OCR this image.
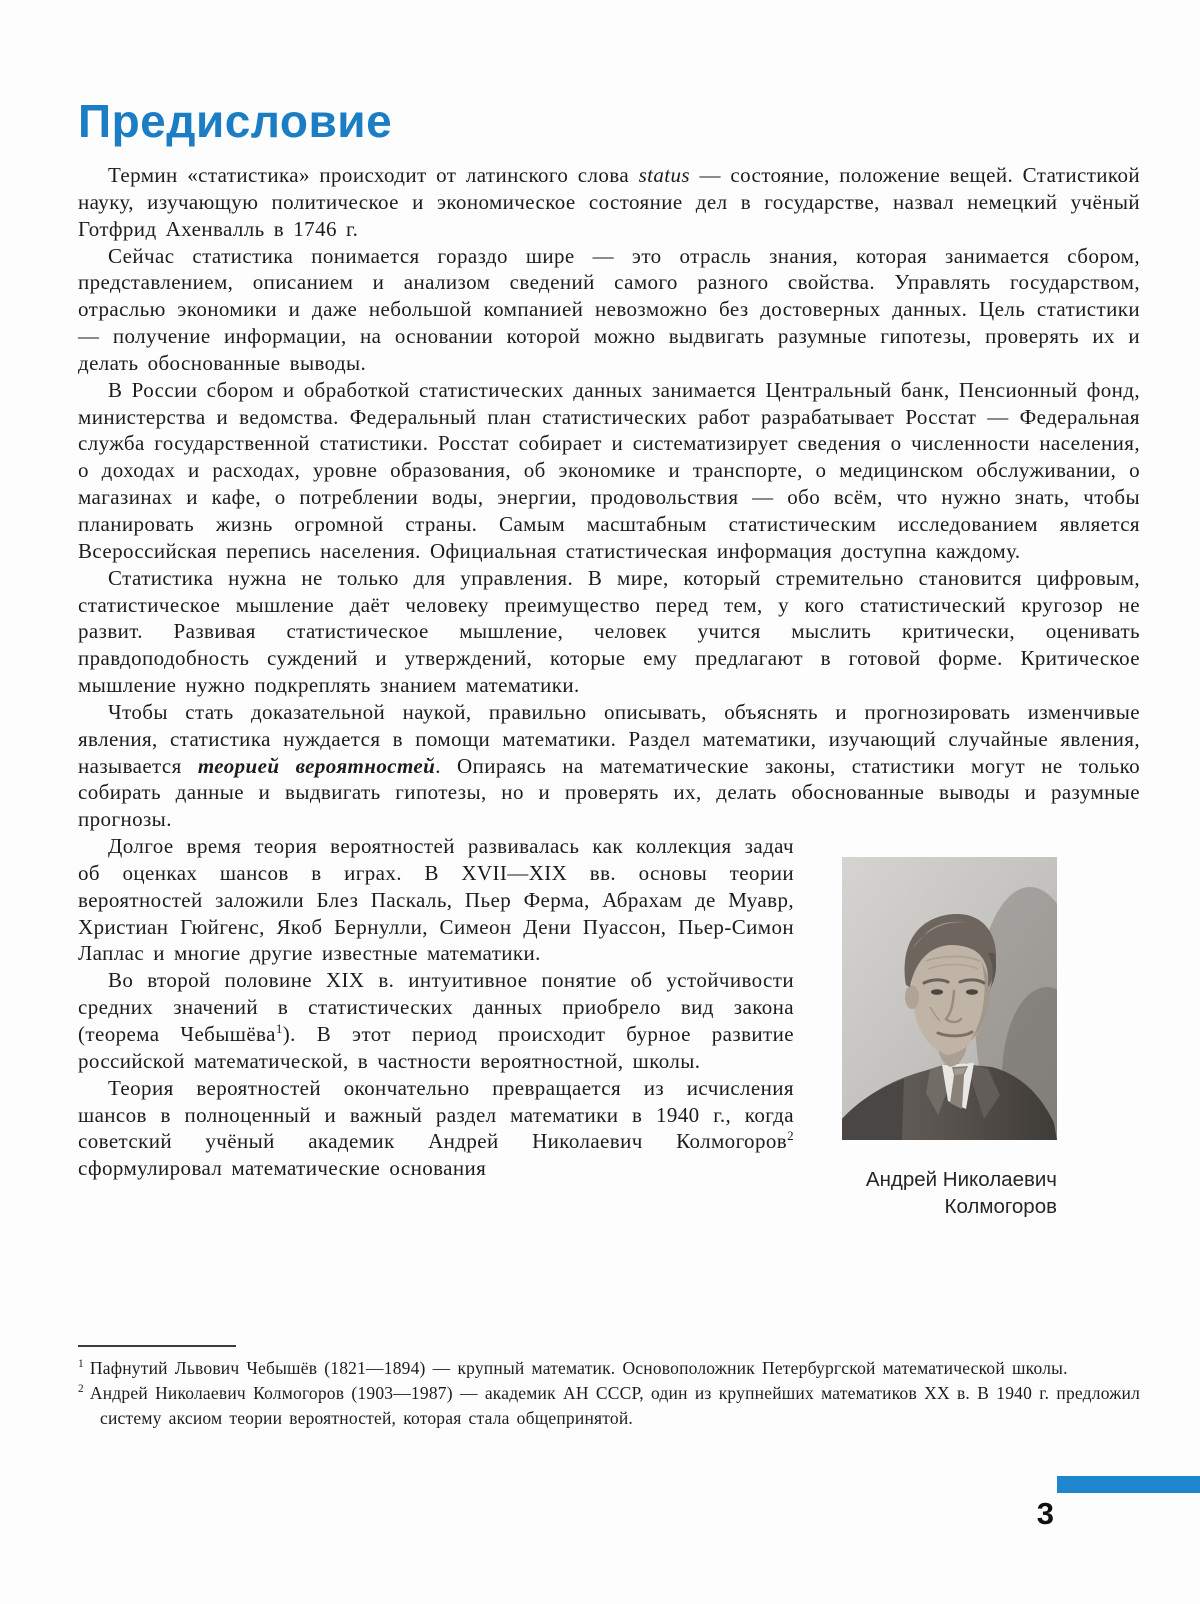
Предисловие

Термин «статистика» происходит от латинского слова status — состояние, положение вещей. Статистикой науку, изучающую политическое и экономическое состояние дел в государстве, назвал немецкий учёный Готфрид Ахенвалль в 1746 г.

Сейчас статистика понимается гораздо шире — это отрасль знания, которая занимается сбором, представлением, описанием и анализом сведений самого разного свойства. Управлять государством, отраслью экономики и даже небольшой компанией невозможно без достоверных данных. Цель статистики — получение информации, на основании которой можно выдвигать разумные гипотезы, проверять их и делать обоснованные выводы.

В России сбором и обработкой статистических данных занимается Центральный банк, Пенсионный фонд, министерства и ведомства. Федеральный план статистических работ разрабатывает Росстат — Федеральная служба государственной статистики. Росстат собирает и систематизирует сведения о численности населения, о доходах и расходах, уровне образования, об экономике и транспорте, о медицинском обслуживании, о магазинах и кафе, о потреблении воды, энергии, продовольствия — обо всём, что нужно знать, чтобы планировать жизнь огромной страны. Самым масштабным статистическим исследованием является Всероссийская перепись населения. Официальная статистическая информация доступна каждому.

Статистика нужна не только для управления. В мире, который стремительно становится цифровым, статистическое мышление даёт человеку преимущество перед тем, у кого статистический кругозор не развит. Развивая статистическое мышление, человек учится мыслить критически, оценивать правдоподобность суждений и утверждений, которые ему предлагают в готовой форме. Критическое мышление нужно подкреплять знанием математики.

Чтобы стать доказательной наукой, правильно описывать, объяснять и прогнозировать изменчивые явления, статистика нуждается в помощи математики. Раздел математики, изучающий случайные явления, называется теорией вероятностей. Опираясь на математические законы, статистики могут не только собирать данные и выдвигать гипотезы, но и проверять их, делать обоснованные выводы и разумные прогнозы.

Долгое время теория вероятностей развивалась как коллекция задач об оценках шансов в играх. В XVII—XIX вв. основы теории вероятностей заложили Блез Паскаль, Пьер Ферма, Абрахам де Муавр, Христиан Гюйгенс, Якоб Бернулли, Симеон Дени Пуассон, Пьер-Симон Лаплас и многие другие известные математики.

Во второй половине XIX в. интуитивное понятие об устойчивости средних значений в статистических данных приобрело вид закона (теорема Чебышёва$^1$). В этот период происходит бурное развитие российской математической, в частности вероятностной, школы.

Теория вероятностей окончательно превращается из исчисления шансов в полноценный и важный раздел математики в 1940 г., когда советский учёный академик Андрей Николаевич Колмогоров$^2$ сформулировал математические основания	Андрей Николаевич
Колмогоров

$^1$ Пафнутий Львович Чебышёв (1821—1894) — крупный математик. Основоположник Петербургской математической школы.

$^2$ Андрей Николаевич Колмогоров (1903—1987) — академик АН СССР, один из крупнейших математиков XX в. В 1940 г. предложил систему аксиом теории вероятностей, которая стала общепринятой.

3
